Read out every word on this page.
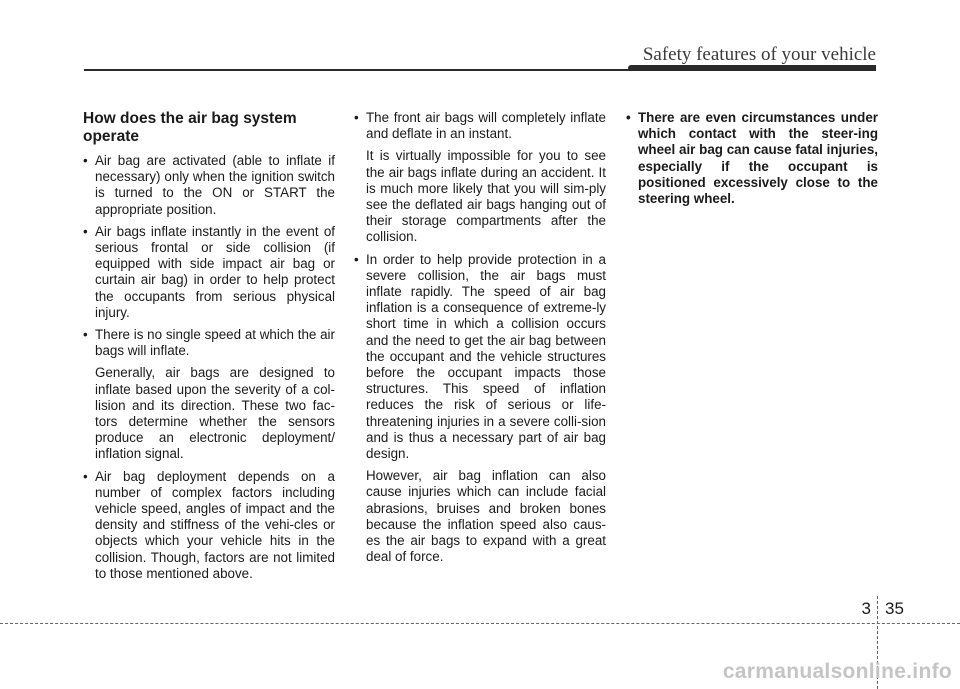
Safety features of your vehicle
How does the air bag system operate

• Air bag are activated (able to inflate if necessary) only when the ignition switch is turned to the ON or START the appropriate position.

• Air bags inflate instantly in the event of serious frontal or side collision (if equipped with side impact air bag or curtain air bag) in order to help protect the occupants from serious physical injury.

• There is no single speed at which the air bags will inflate.

Generally, air bags are designed to inflate based upon the severity of a col-lision and its direction. These two fac-tors determine whether the sensors produce an electronic deployment/ inflation signal.

• Air bag deployment depends on a number of complex factors including vehicle speed, angles of impact and the density and stiffness of the vehi-cles or objects which your vehicle hits in the collision. Though, factors are not limited to those mentioned above.

• The front air bags will completely inflate and deflate in an instant.

It is virtually impossible for you to see the air bags inflate during an accident. It is much more likely that you will sim-ply see the deflated air bags hanging out of their storage compartments after the collision.

• In order to help provide protection in a severe collision, the air bags must inflate rapidly. The speed of air bag inflation is a consequence of extreme-ly short time in which a collision occurs and the need to get the air bag between the occupant and the vehicle structures before the occupant impacts those structures. This speed of inflation reduces the risk of serious or life-threatening injuries in a severe colli-sion and is thus a necessary part of air bag design.

However, air bag inflation can also cause injuries which can include facial abrasions, bruises and broken bones because the inflation speed also caus-es the air bags to expand with a great deal of force.

• There are even circumstances under which contact with the steer-ing wheel air bag can cause fatal injuries, especially if the occupant is positioned excessively close to the steering wheel.

3 35
carmanualsonline.info
